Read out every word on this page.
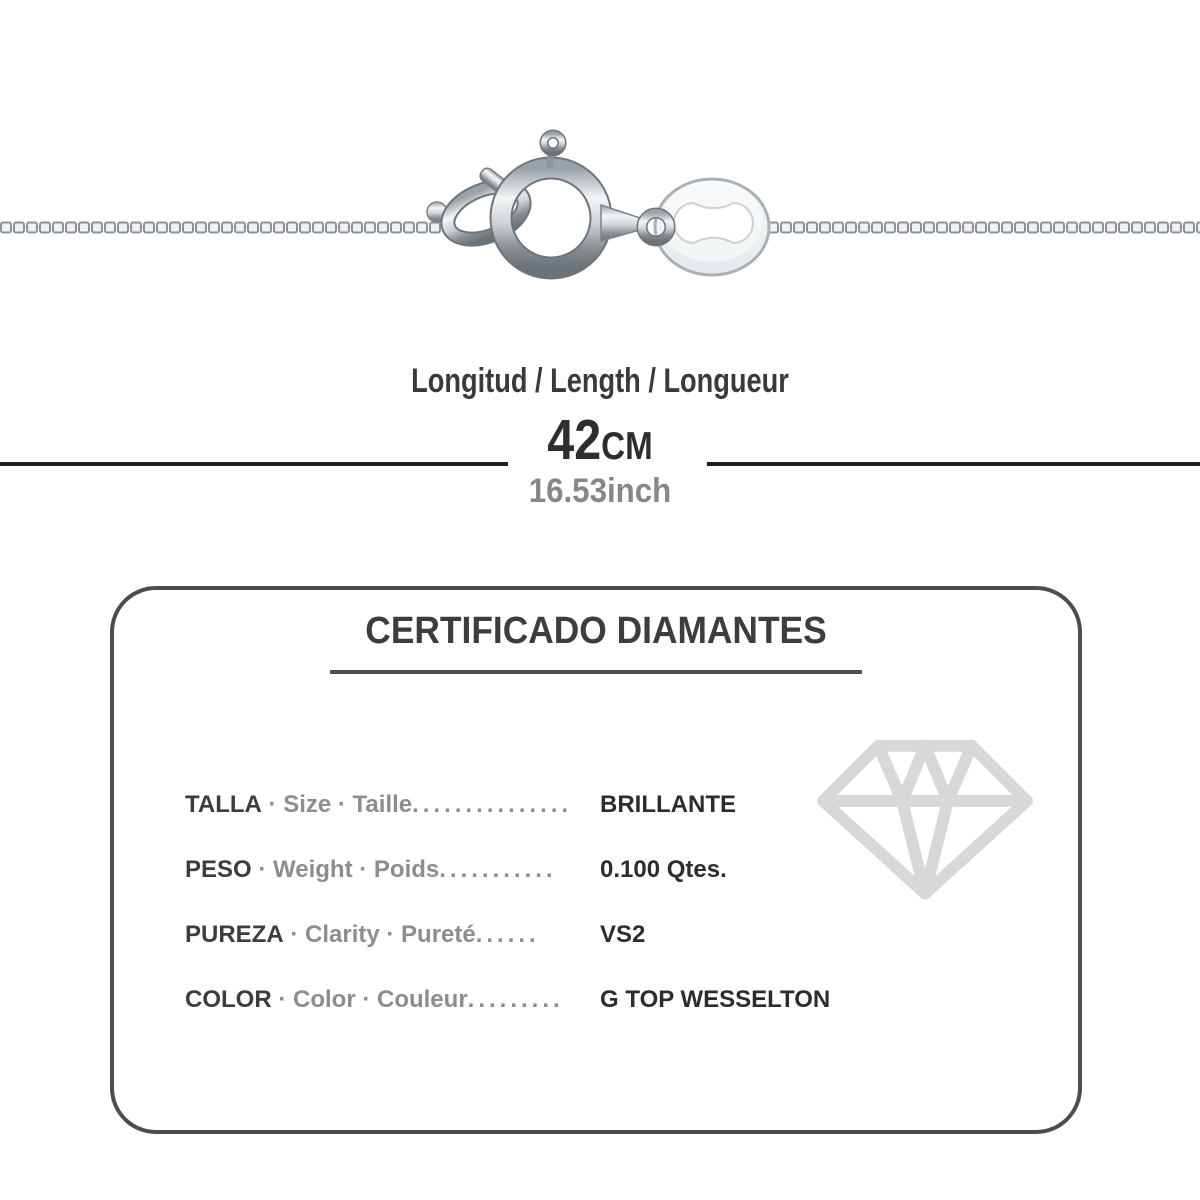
Longitud / Length / Longueur
42CM
16.53inch
CERTIFICADO DIAMANTES
TALLA · Size · Taille ............... BRILLANTE
PESO · Weight · Poids ........... 0.100 Qtes.
PUREZA · Clarity · Pureté ......	VS2
COLOR · Color · Couleur ......... G TOP WESSELTON
